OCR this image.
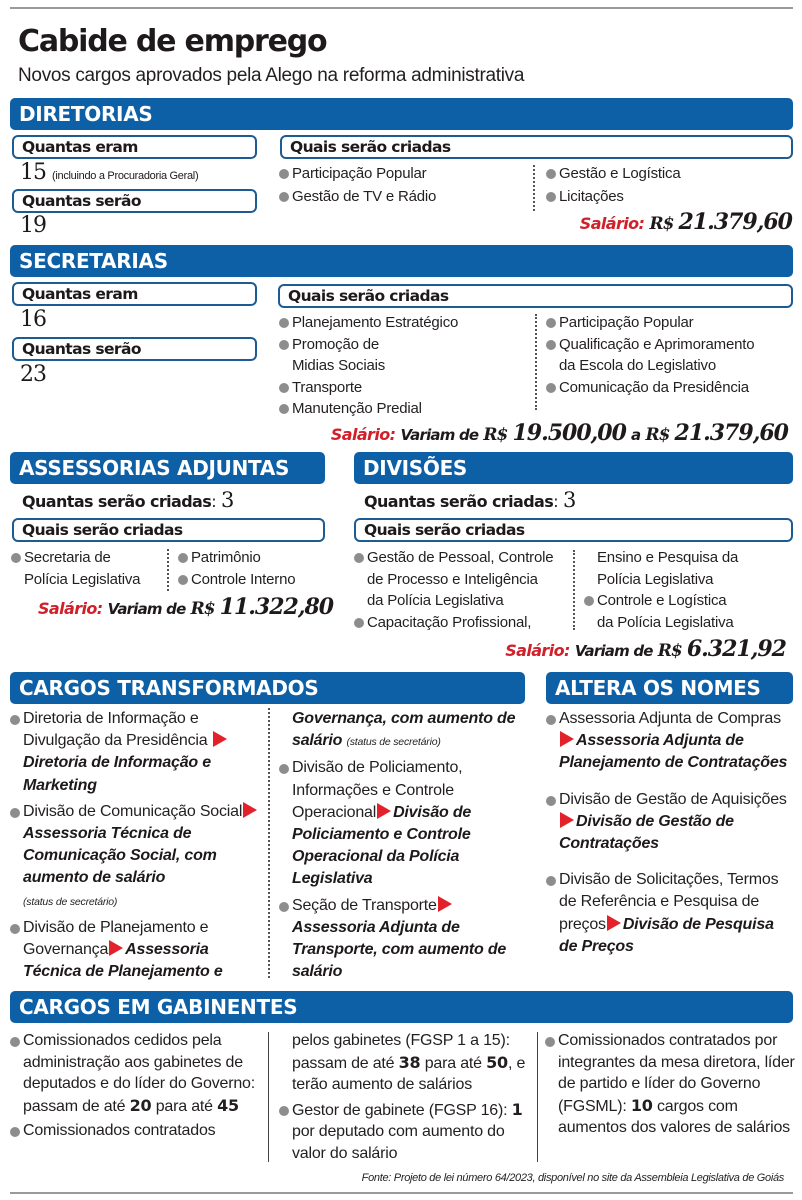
Cabide de emprego
Novos cargos aprovados pela Alego na reforma administrativa
DIRETORIAS
Quantas eram
15 (incluindo a Procuradoria Geral)
Quantas serão
19
Quais serão criadas
Participação Popular
Gestão de TV e Rádio
Gestão e Logística
Licitações
Salário: R$ 21.379,60
SECRETARIAS
Quantas eram
16
Quantas serão
23
Quais serão criadas
Planejamento Estratégico
Promoção de
Midias Sociais
Transporte
Manutenção Predial
Participação Popular
Qualificação e Aprimoramento
da Escola do Legislativo
Comunicação da Presidência
Salário: Variam de R$ 19.500,00 a R$ 21.379,60
ASSESSORIAS ADJUNTAS
Quantas serão criadas: 3
Quais serão criadas
Secretaria de
Polícia Legislativa
Patrimônio
Controle Interno
Salário: Variam de R$ 11.322,80
DIVISÕES
Quantas serão criadas: 3
Quais serão criadas
Gestão de Pessoal, Controle
de Processo e Inteligência
da Polícia Legislativa
Capacitação Profissional,
Ensino e Pesquisa da
Polícia Legislativa
Controle e Logística
da Polícia Legislativa
Salário: Variam de R$ 6.321,92
CARGOS TRANSFORMADOS
Diretoria de Informação e Divulgação da Presidência Diretoria de Informação e Marketing
Divisão de Comunicação SocialAssessoria Técnica de Comunicação Social, com aumento de salário
(status de secretário)
Divisão de Planejamento e Governança Assessoria Técnica de Planejamento e
Governança, com aumento de salário (status de secretário)
Divisão de Policiamento, Informações e Controle Operacional Divisão de Policiamento e Controle Operacional da Polícia Legislativa
Seção de Transporte Assessoria Adjunta de Transporte, com aumento de salário
ALTERA OS NOMES
Assessoria Adjunta de ComprasAssessoria Adjunta de Planejamento de Contratações
Divisão de Gestão de AquisiçõesDivisão de Gestão de Contratações
Divisão de Solicitações, Termos de Referência e Pesquisa de preços Divisão de Pesquisa de Preços
CARGOS EM GABINENTES
Comissionados cedidos pela administração aos gabinetes de deputados e do líder do Governo: passam de até 20 para até 45
Comissionados contratados
pelos gabinetes (FGSP 1 a 15): passam de até 38 para até 50, e terão aumento de salários
Gestor de gabinete (FGSP 16): 1 por deputado com aumento do valor do salário
Comissionados contratados por integrantes da mesa diretora, líder de partido e líder do Governo (FGSML): 10 cargos com aumentos dos valores de salários
Fonte: Projeto de lei número 64/2023, disponível no site da Assembleia Legislativa de Goiás
